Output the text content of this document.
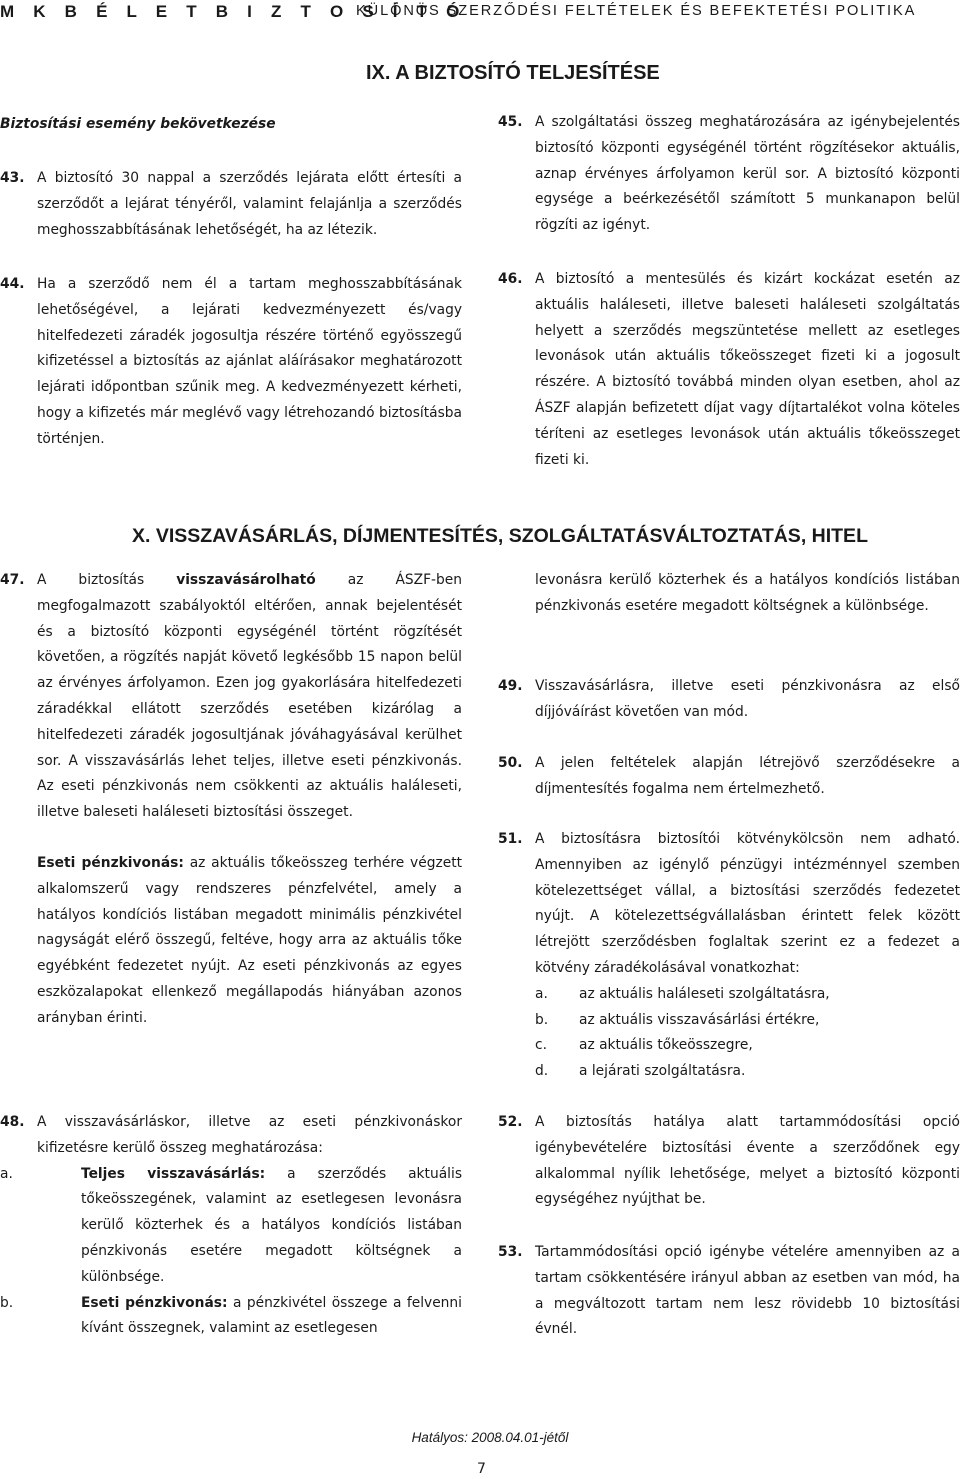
M K B É L E T B I Z T O S Í T Ó
KÜLÖNÖS SZERZŐDÉSI FELTÉTELEK ÉS BEFEKTETÉSI POLITIKA
IX. A BIZTOSÍTÓ TELJESÍTÉSE
Biztosítási esemény bekövetkezése
43. A biztosító 30 nappal a szerződés lejárata előtt értesíti a szerződőt a lejárat tényéről, valamint felajánlja a szerződés meghosszabbításának lehetőségét, ha az létezik.

44. Ha a szerződő nem él a tartam meghosszabbításának lehetőségével, a lejárati kedvezményezett és/vagy hitelfedezeti záradék jogosultja részére történő egyösszegű kifizetéssel a biztosítás az ajánlat aláírásakor meghatározott lejárati időpontban szűnik meg. A kedvezményezett kérheti, hogy a kifizetés már meglévő vagy létrehozandó biztosításba történjen.

45. A szolgáltatási összeg meghatározására az igénybejelentés biztosító központi egységénél történt rögzítésekor aktuális, aznap érvényes árfolyamon kerül sor. A biztosító központi egysége a beérkezésétől számított 5 munkanapon belül rögzíti az igényt.

46. A biztosító a mentesülés és kizárt kockázat esetén az aktuális haláleseti, illetve baleseti haláleseti szolgáltatás helyett a szerződés megszüntetése mellett az esetleges levonások után aktuális tőkeösszeget fizeti ki a jogosult részére. A biztosító továbbá minden olyan esetben, ahol az ÁSZF alapján befizetett díjat vagy díjtartalékot volna köteles téríteni az esetleges levonások után aktuális tőkeösszeget fizeti ki.

X. VISSZAVÁSÁRLÁS, DÍJMENTESÍTÉS, SZOLGÁLTATÁSVÁLTOZTATÁS, HITEL
47. A biztosítás visszavásárolható az ÁSZF-ben megfogalmazott szabályoktól eltérően, annak bejelentését és a biztosító központi egységénél történt rögzítését követően, a rögzítés napját követő legkésőbb 15 napon belül az érvényes árfolyamon. Ezen jog gyakorlására hitelfedezeti záradékkal ellátott szerződés esetében kizárólag a hitelfedezeti záradék jogosultjának jóváhagyásával kerülhet sor. A visszavásárlás lehet teljes, illetve eseti pénzkivonás. Az eseti pénzkivonás nem csökkenti az aktuális haláleseti, illetve baleseti haláleseti biztosítási összeget.

Eseti pénzkivonás: az aktuális tőkeösszeg terhére végzett alkalomszerű vagy rendszeres pénzfelvétel, amely a hatályos kondíciós listában megadott minimális pénzkivétel nagyságát elérő összegű, feltéve, hogy arra az aktuális tőke egyébként fedezetet nyújt. Az eseti pénzkivonás az egyes eszközalapokat ellenkező megállapodás hiányában azonos arányban érinti.

48. A visszavásárláskor, illetve az eseti pénzkivonáskor kifizetésre kerülő összeg meghatározása:

a.	Teljes visszavásárlás: a szerződés aktuális tőkeösszegének, valamint az esetlegesen levonásra kerülő közterhek és a hatályos kondíciós listában pénzkivonás esetére megadott költségnek a különbsége.

b.	Eseti pénzkivonás: a pénzkivétel összege a felvenni kívánt összegnek, valamint az esetlegesen

levonásra kerülő közterhek és a hatályos kondíciós listában pénzkivonás esetére megadott költségnek a különbsége.

49. Visszavásárlásra, illetve eseti pénzkivonásra az első díjjóváírást követően van mód.

50. A jelen feltételek alapján létrejövő szerződésekre a díjmentesítés fogalma nem értelmezhető.

51. A biztosításra biztosítói kötvénykölcsön nem adható. Amennyiben az igénylő pénzügyi intézménnyel szemben kötelezettséget vállal, a biztosítási szerződés fedezetet nyújt. A kötelezettségvállalásban érintett felek között létrejött szerződésben foglaltak szerint ez a fedezet a kötvény záradékolásával vonatkozhat:

a.	az aktuális haláleseti szolgáltatásra,
b.	az aktuális visszavásárlási értékre,
c.	az aktuális tőkeösszegre,
d.	a lejárati szolgáltatásra.
52. A biztosítás hatálya alatt tartammódosítási opció igénybevételére biztosítási évente a szerződőnek egy alkalommal nyílik lehetősége, melyet a biztosító központi egységéhez nyújthat be.

53. Tartammódosítási opció igénybe vételére amennyiben az a tartam csökkentésére irányul abban az esetben van mód, ha a megváltozott tartam nem lesz rövidebb 10 biztosítási évnél.

Hatályos: 2008.04.01-jétől
7
